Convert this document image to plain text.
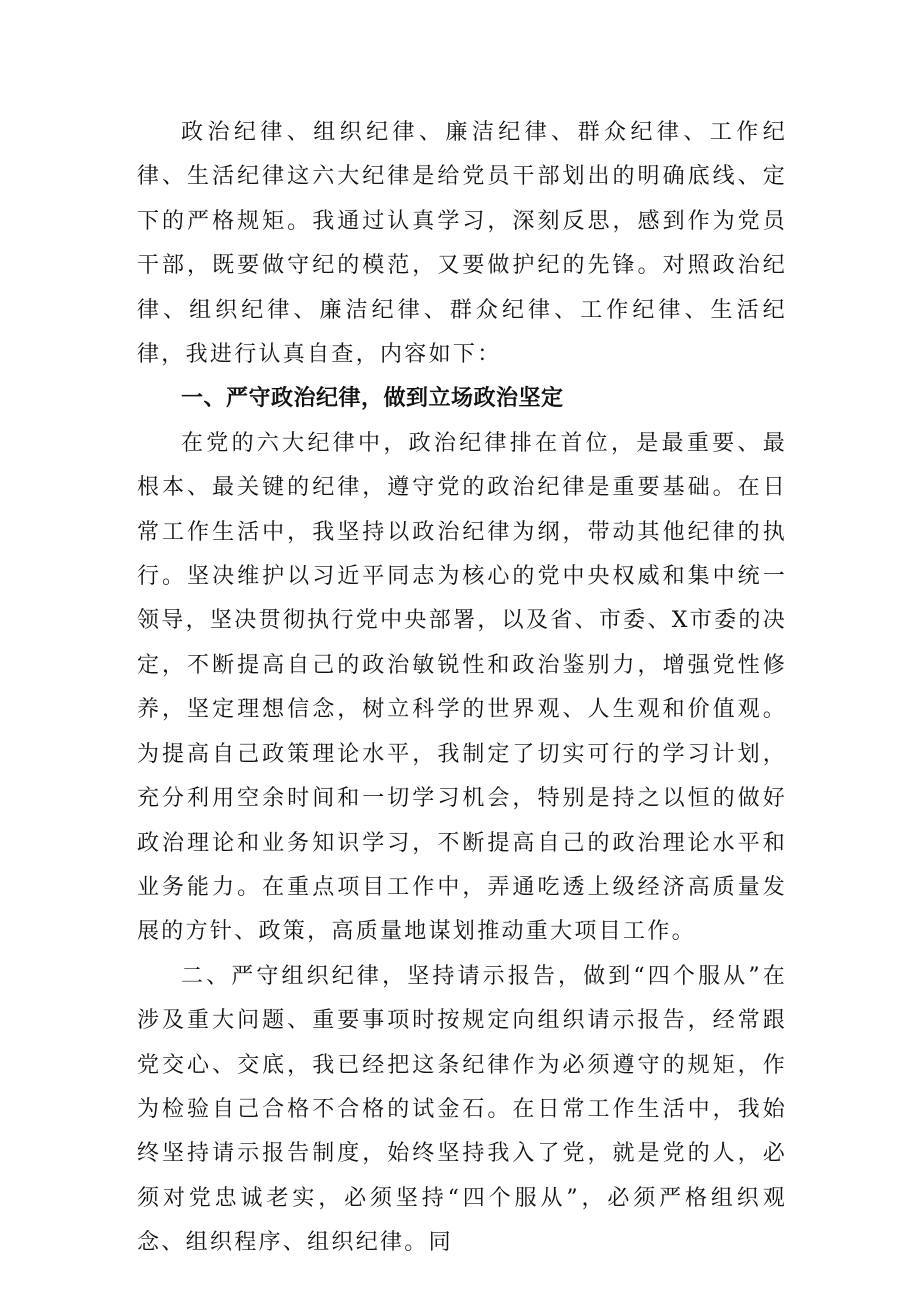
政治纪律、组织纪律、廉洁纪律、群众纪律、工作纪律、生活纪律这六大纪律是给党员干部划出的明确底线、定下的严格规矩。我通过认真学习，深刻反思，感到作为党员干部，既要做守纪的模范，又要做护纪的先锋。对照政治纪律、组织纪律、廉洁纪律、群众纪律、工作纪律、生活纪律，我进行认真自查，内容如下：

一、严守政治纪律，做到立场政治坚定

在党的六大纪律中，政治纪律排在首位，是最重要、最根本、最关键的纪律，遵守党的政治纪律是重要基础。在日常工作生活中，我坚持以政治纪律为纲，带动其他纪律的执行。坚决维护以习近平同志为核心的党中央权威和集中统一领导，坚决贯彻执行党中央部署，以及省、市委、X市委的决定，不断提高自己的政治敏锐性和政治鉴别力，增强党性修养，坚定理想信念，树立科学的世界观、人生观和价值观。为提高自己政策理论水平，我制定了切实可行的学习计划，充分利用空余时间和一切学习机会，特别是持之以恒的做好政治理论和业务知识学习，不断提高自己的政治理论水平和业务能力。在重点项目工作中，弄通吃透上级经济高质量发展的方针、政策，高质量地谋划推动重大项目工作。

二、严守组织纪律，坚持请示报告，做到“四个服从”在涉及重大问题、重要事项时按规定向组织请示报告，经常跟党交心、交底，我已经把这条纪律作为必须遵守的规矩，作为检验自己合格不合格的试金石。在日常工作生活中，我始终坚持请示报告制度，始终坚持我入了党，就是党的人，必须对党忠诚老实，必须坚持“四个服从”，必须严格组织观念、组织程序、组织纪律。同
